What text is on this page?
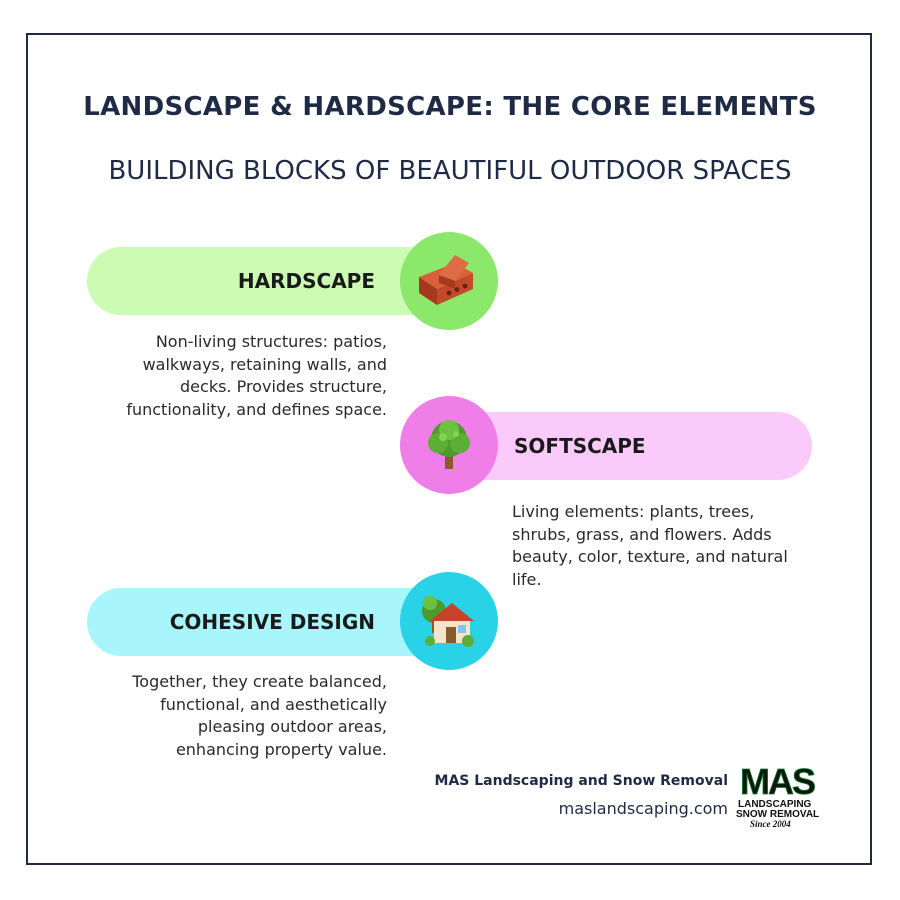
LANDSCAPE & HARDSCAPE: THE CORE ELEMENTS
BUILDING BLOCKS OF BEAUTIFUL OUTDOOR SPACES
HARDSCAPE
Non-living structures: patios,
walkways, retaining walls, and
decks. Provides structure,
functionality, and defines space.
SOFTSCAPE
Living elements: plants, trees,
shrubs, grass, and flowers. Adds
beauty, color, texture, and natural
life.
COHESIVE DESIGN
Together, they create balanced,
functional, and aesthetically
pleasing outdoor areas,
enhancing property value.
MAS Landscaping and Snow Removal
maslandscaping.com
MAS
LANDSCAPING
SNOW REMOVAL
Since 2004
